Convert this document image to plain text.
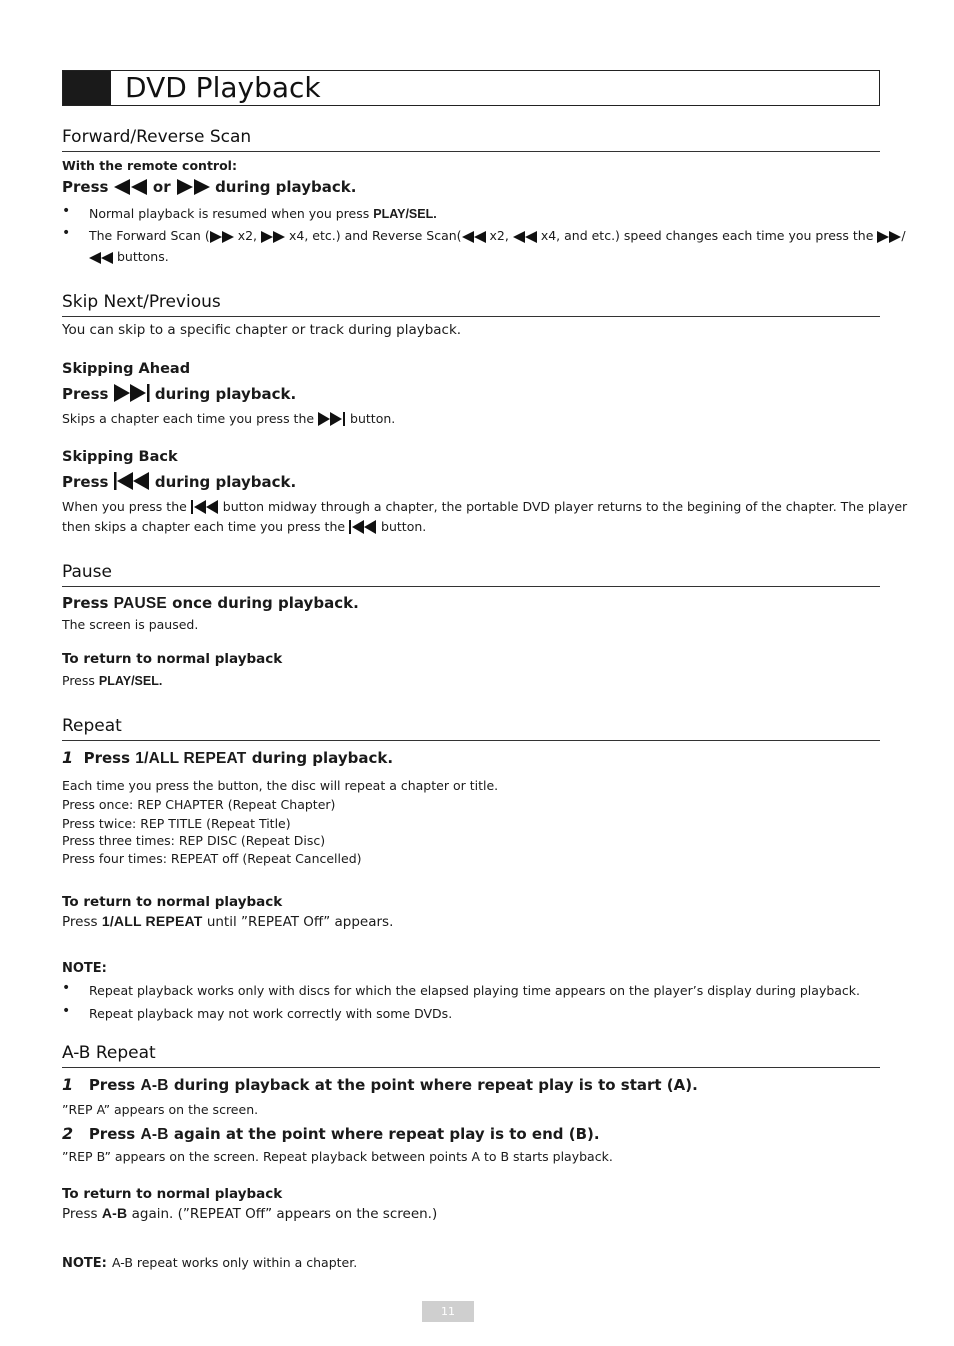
DVD Playback
Forward/Reverse Scan
With the remote control:
Press	or	during playback.
• Normal playback is resumed when you press PLAY/SEL.
• The Forward Scan ( x2,	x4, etc.) and Reverse Scan( x2,	x4, and etc.) speed changes each time you press the /
buttons.
Skip Next/Previous
You can skip to a specific chapter or track during playback.
Skipping Ahead
Press	during playback.
Skips a chapter each time you press the	button.
Skipping Back
Press	during playback.
When you press the	button midway through a chapter, the portable DVD player returns to the begining of the chapter. The player
then skips a chapter each time you press the	button.
Pause
Press PAUSE once during playback.
The screen is paused.
To return to normal playback
Press PLAY/SEL.
Repeat
1 Press 1/ALL REPEAT during playback.
Each time you press the button, the disc will repeat a chapter or title.
Press once: REP CHAPTER (Repeat Chapter)
Press twice: REP TITLE (Repeat Title)
Press three times: REP DISC (Repeat Disc)
Press four times: REPEAT off (Repeat Cancelled)
To return to normal playback
Press 1/ALL REPEAT until ”REPEAT Off” appears.
NOTE:
• Repeat playback works only with discs for which the elapsed playing time appears on the player’s display during playback.
• Repeat playback may not work correctly with some DVDs.
A-B Repeat
1 Press A-B during playback at the point where repeat play is to start (A).
”REP A” appears on the screen.
2 Press A-B again at the point where repeat play is to end (B).
”REP B” appears on the screen. Repeat playback between points A to B starts playback.
To return to normal playback
Press A-B again. (”REPEAT Off” appears on the screen.)
NOTE: A-B repeat works only within a chapter.
11
